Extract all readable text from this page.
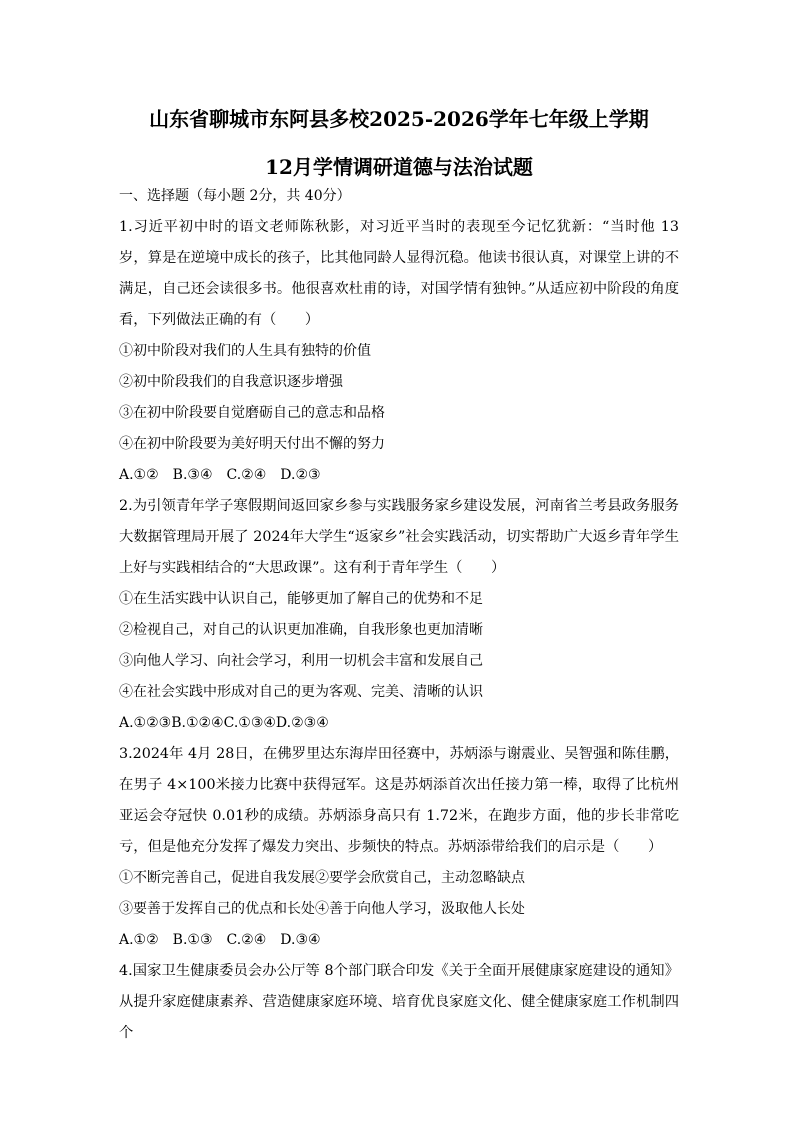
山东省聊城市东阿县多校2025-2026学年七年级上学期

12月学情调研道德与法治试题

一、选择题（每小题 2分，共 40分）

1.习近平初中时的语文老师陈秋影，对习近平当时的表现至今记忆犹新：“当时他 13 岁，算是在逆境中成长的孩子，比其他同龄人显得沉稳。他读书很认真，对课堂上讲的不满足，自己还会读很多书。他很喜欢杜甫的诗，对国学情有独钟。”从适应初中阶段的角度看，下列做法正确的有（　　）

①初中阶段对我们的人生具有独特的价值

②初中阶段我们的自我意识逐步增强

③在初中阶段要自觉磨砺自己的意志和品格

④在初中阶段要为美好明天付出不懈的努力

A.①②　B.③④　C.②④　D.②③

2.为引领青年学子寒假期间返回家乡参与实践服务家乡建设发展，河南省兰考县政务服务大数据管理局开展了 2024年大学生“返家乡”社会实践活动，切实帮助广大返乡青年学生上好与实践相结合的“大思政课”。这有利于青年学生（　　）

①在生活实践中认识自己，能够更加了解自己的优势和不足

②检视自己，对自己的认识更加准确，自我形象也更加清晰

③向他人学习、向社会学习，利用一切机会丰富和发展自己

④在社会实践中形成对自己的更为客观、完美、清晰的认识

A.①②③B.①②④C.①③④D.②③④

3.2024年 4月 28日，在佛罗里达东海岸田径赛中，苏炳添与谢震业、吴智强和陈佳鹏，在男子 4×100米接力比赛中获得冠军。这是苏炳添首次出任接力第一棒，取得了比杭州亚运会夺冠快 0.01秒的成绩。苏炳添身高只有 1.72米，在跑步方面，他的步长非常吃亏，但是他充分发挥了爆发力突出、步频快的特点。苏炳添带给我们的启示是（　　）

①不断完善自己，促进自我发展②要学会欣赏自己，主动忽略缺点

③要善于发挥自己的优点和长处④善于向他人学习，汲取他人长处

A.①②　B.①③　C.②④　D.③④

4.国家卫生健康委员会办公厅等 8个部门联合印发《关于全面开展健康家庭建设的通知》从提升家庭健康素养、营造健康家庭环境、培育优良家庭文化、健全健康家庭工作机制四个
